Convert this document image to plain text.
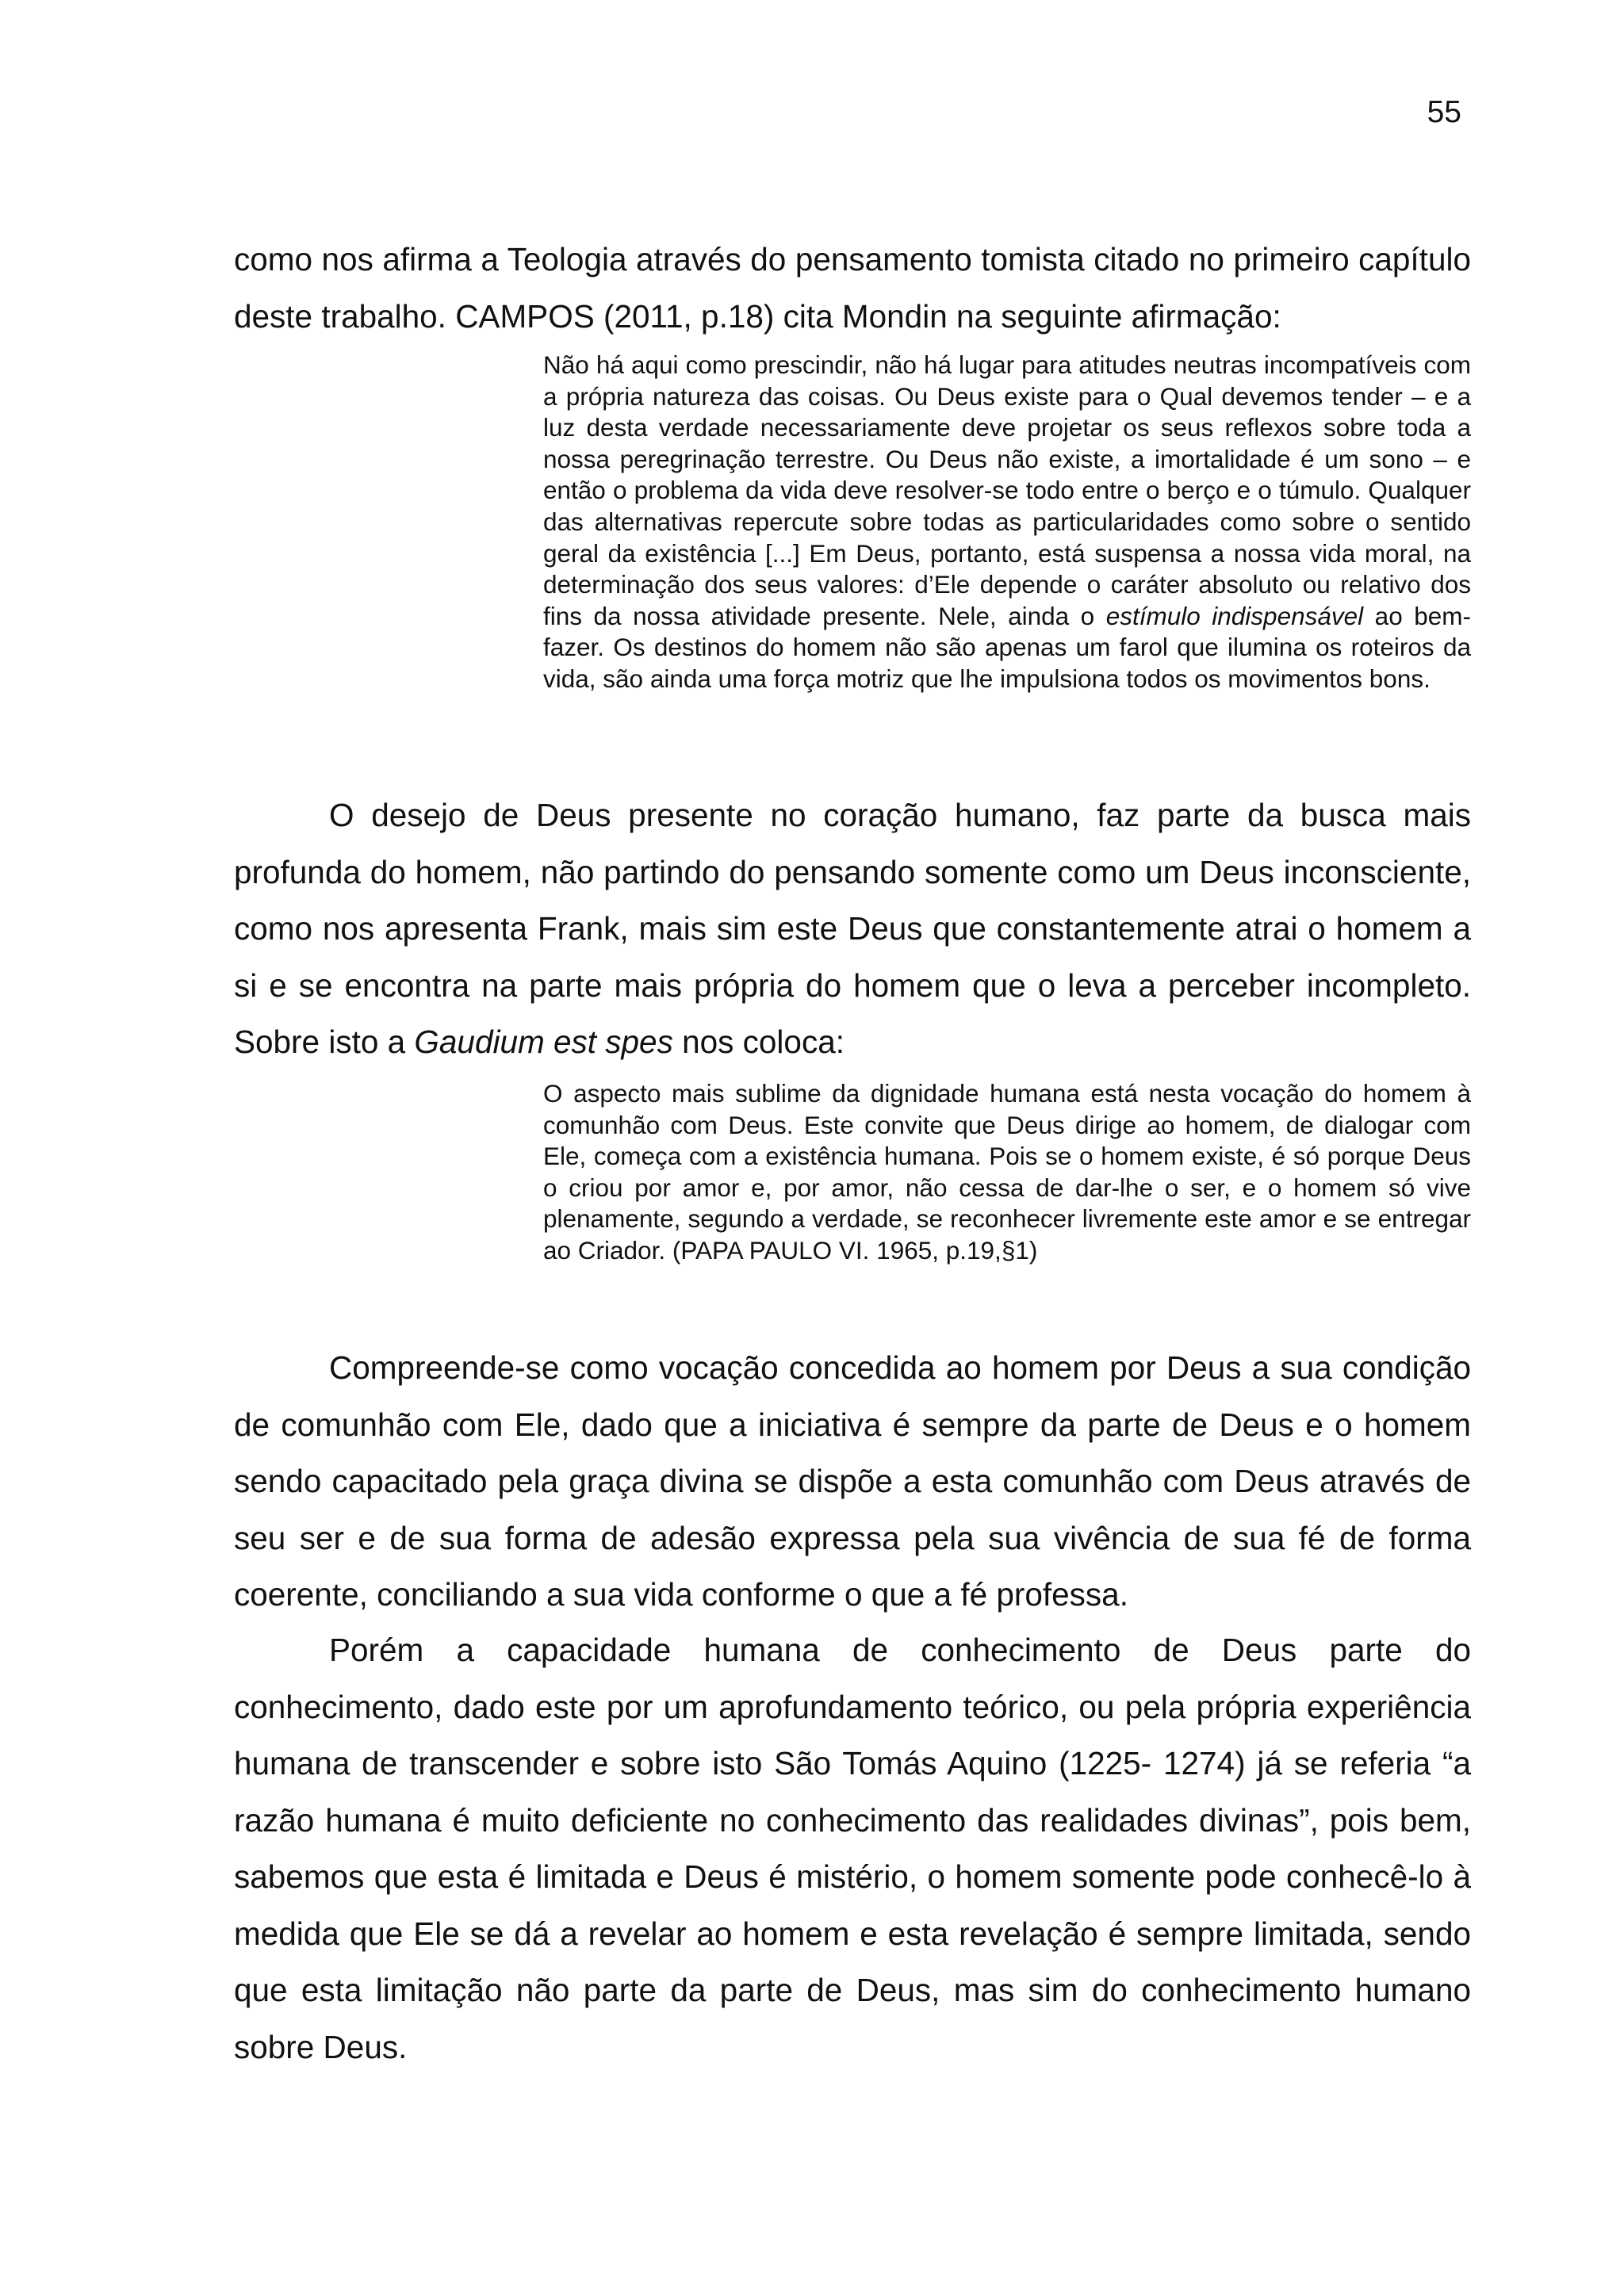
55

como nos afirma a Teologia através do pensamento tomista citado no primeiro capítulo deste trabalho. CAMPOS (2011, p.18) cita Mondin na seguinte afirmação:

Não há aqui como prescindir, não há lugar para atitudes neutras incompatíveis com a própria natureza das coisas. Ou Deus existe para o Qual devemos tender – e a luz desta verdade necessariamente deve projetar os seus reflexos sobre toda a nossa peregrinação terrestre. Ou Deus não existe, a imortalidade é um sono – e então o problema da vida deve resolver-se todo entre o berço e o túmulo. Qualquer das alternativas repercute sobre todas as particularidades como sobre o sentido geral da existência [...] Em Deus, portanto, está suspensa a nossa vida moral, na determinação dos seus valores: d’Ele depende o caráter absoluto ou relativo dos fins da nossa atividade presente. Nele, ainda o estímulo indispensável ao bem-fazer. Os destinos do homem não são apenas um farol que ilumina os roteiros da vida, são ainda uma força motriz que lhe impulsiona todos os movimentos bons.

O desejo de Deus presente no coração humano, faz parte da busca mais profunda do homem, não partindo do pensando somente como um Deus inconsciente, como nos apresenta Frank, mais sim este Deus que constantemente atrai o homem a si e se encontra na parte mais própria do homem que o leva a perceber incompleto. Sobre isto a Gaudium est spes nos coloca:

O aspecto mais sublime da dignidade humana está nesta vocação do homem à comunhão com Deus. Este convite que Deus dirige ao homem, de dialogar com Ele, começa com a existência humana. Pois se o homem existe, é só porque Deus o criou por amor e, por amor, não cessa de dar-lhe o ser, e o homem só vive plenamente, segundo a verdade, se reconhecer livremente este amor e se entregar ao Criador. (PAPA PAULO VI. 1965, p.19,§1)

Compreende-se como vocação concedida ao homem por Deus a sua condição de comunhão com Ele, dado que a iniciativa é sempre da parte de Deus e o homem sendo capacitado pela graça divina se dispõe a esta comunhão com Deus através de seu ser e de sua forma de adesão expressa pela sua vivência de sua fé de forma coerente, conciliando a sua vida conforme o que a fé professa.

Porém a capacidade humana de conhecimento de Deus parte do conhecimento, dado este por um aprofundamento teórico, ou pela própria experiência humana de transcender e sobre isto São Tomás Aquino (1225- 1274) já se referia “a razão humana é muito deficiente no conhecimento das realidades divinas”, pois bem, sabemos que esta é limitada e Deus é mistério, o homem somente pode conhecê-lo à medida que Ele se dá a revelar ao homem e esta revelação é sempre limitada, sendo que esta limitação não parte da parte de Deus, mas sim do conhecimento humano sobre Deus.
